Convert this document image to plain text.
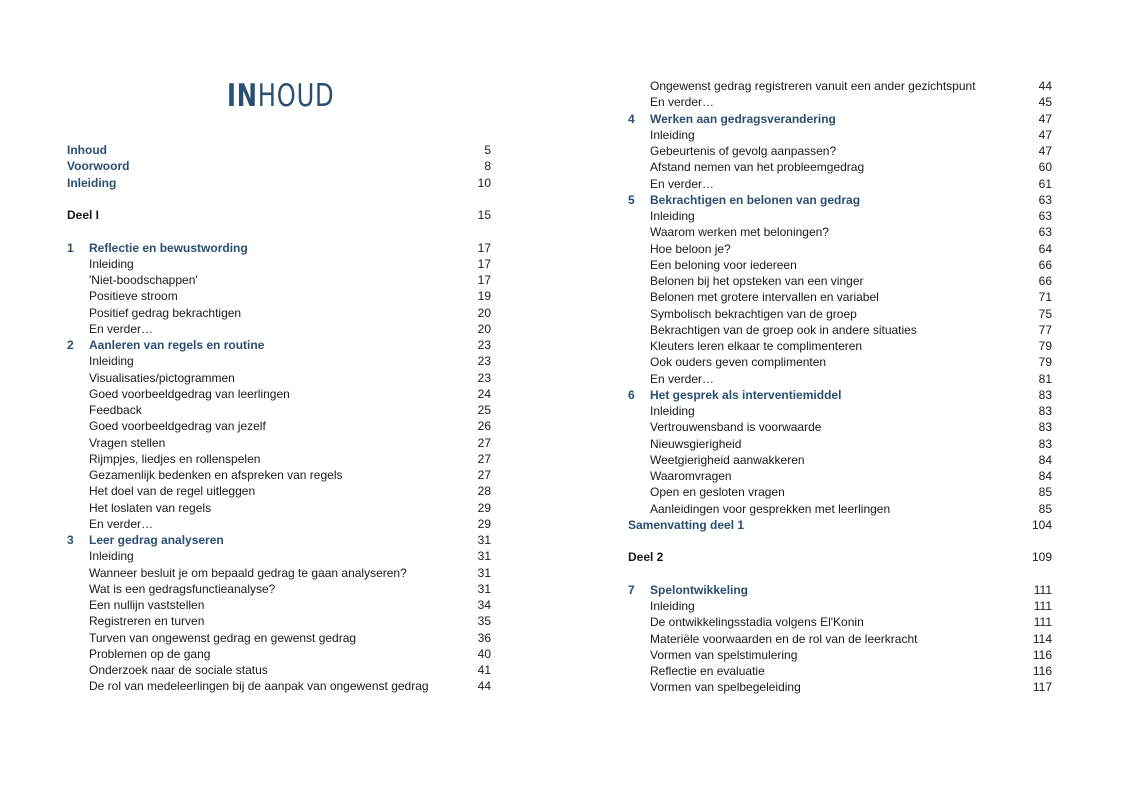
INHOUD
Inhoud	5
Voorwoord	8
Inleiding	10
Deel I	15
1 Reflectie en bewustwording	17
Inleiding	17
'Niet-boodschappen'	17
Positieve stroom	19
Positief gedrag bekrachtigen	20
En verder…	20
2 Aanleren van regels en routine	23
Inleiding	23
Visualisaties/pictogrammen	23
Goed voorbeeldgedrag van leerlingen	24
Feedback	25
Goed voorbeeldgedrag van jezelf	26
Vragen stellen	27
Rijmpjes, liedjes en rollenspelen	27
Gezamenlijk bedenken en afspreken van regels	27
Het doel van de regel uitleggen	28
Het loslaten van regels	29
En verder…	29
3 Leer gedrag analyseren	31
Inleiding	31
Wanneer besluit je om bepaald gedrag te gaan analyseren?	31
Wat is een gedragsfunctieanalyse?	31
Een nullijn vaststellen	34
Registreren en turven	35
Turven van ongewenst gedrag en gewenst gedrag	36
Problemen op de gang	40
Onderzoek naar de sociale status	41
De rol van medeleerlingen bij de aanpak van ongewenst gedrag	44
Ongewenst gedrag registreren vanuit een ander gezichtspunt	44
En verder…	45
4 Werken aan gedragsverandering	47
Inleiding	47
Gebeurtenis of gevolg aanpassen?	47
Afstand nemen van het probleemgedrag	60
En verder…	61
5 Bekrachtigen en belonen van gedrag	63
Inleiding	63
Waarom werken met beloningen?	63
Hoe beloon je?	64
Een beloning voor iedereen	66
Belonen bij het opsteken van een vinger	66
Belonen met grotere intervallen en variabel	71
Symbolisch bekrachtigen van de groep	75
Bekrachtigen van de groep ook in andere situaties	77
Kleuters leren elkaar te complimenteren	79
Ook ouders geven complimenten	79
En verder…	81
6 Het gesprek als interventiemiddel	83
Inleiding	83
Vertrouwensband is voorwaarde	83
Nieuwsgierigheid	83
Weetgierigheid aanwakkeren	84
Waaromvragen	84
Open en gesloten vragen	85
Aanleidingen voor gesprekken met leerlingen	85
Samenvatting deel 1	104
Deel 2	109
7 Spelontwikkeling	111
Inleiding	111
De ontwikkelingsstadia volgens El'Konin	111
Materiële voorwaarden en de rol van de leerkracht	114
Vormen van spelstimulering	116
Reflectie en evaluatie	116
Vormen van spelbegeleiding	117
